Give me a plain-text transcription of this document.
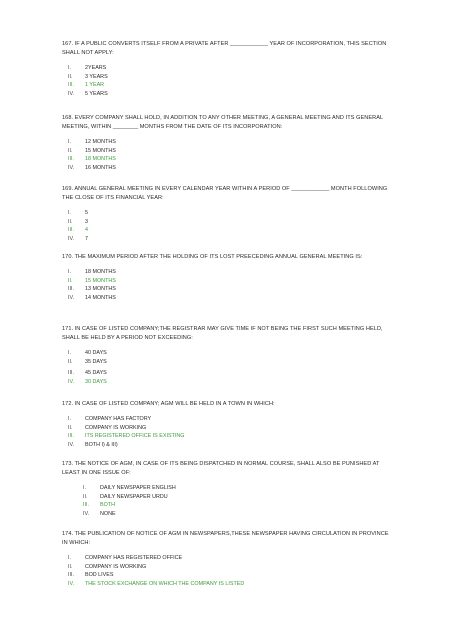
167. IF A PUBLIC CONVERTS ITSELF FROM A PRIVATE AFTER ____________ YEAR OF INCORPORATION, THIS SECTION SHALL NOT APPLY:

I.	2YEARS
II.	3 YEARS
III.	1 YEAR
IV.	5 YEARS

168. EVERY COMPANY SHALL HOLD, IN ADDITION TO ANY OTHER MEETING, A GENERAL MEETING AND ITS GENERAL MEETING, WITHIN ________ MONTHS FROM THE DATE OF ITS INCORPORATION:

I.	12 MONTHS
II.	15 MONTHS
III.	18 MONTHS
IV.	16 MONTHS

169. ANNUAL GENERAL MEETING IN EVERY CALENDAR YEAR WITHIN A PERIOD OF ____________ MONTH FOLLOWING THE CLOSE OF ITS FINANCIAL YEAR:

I.	5
II.	3
III.	4
IV.	7

170. THE MAXIMUM PERIOD AFTER THE HOLDING OF ITS LOST PREECEDING ANNUAL GENERAL MEETING IS:

I.	18 MONTHS
II.	15 MONTHS
III.	13 MONTHS
IV.	14 MONTHS

171. IN CASE OF LISTED COMPANY;THE REGISTRAR MAY GIVE TIME IF NOT BEING THE FIRST SUCH MEETING HELD, SHALL BE HELD BY A PERIOD NOT EXCEEDING:

I.	40 DAYS
II.	35 DAYS
III.	45 DAYS
IV.	30 DAYS

172. IN CASE OF LISTED COMPANY; AGM WILL BE HELD IN A TOWN IN WHICH:

I.	COMPANY HAS FACTORY
II.	COMPANY IS WORKING
III.	ITS REGISTERED OFFICE IS EXISTING
IV.	BOTH I) & III)

173. THE NOTICE OF AGM, IN CASE OF ITS BEING DISPATCHED IN NORMAL COURSE, SHALL ALSO BE PUNISHED AT LEAST IN ONE ISSUE OF:

I.	DAILY NEWSPAPER ENGLISH
II.	DAILY NEWSPAPER URDU
III.	BOTH
IV.	NONE

174. THE PUBLICATION OF NOTICE OF AGM IN NEWSPAPERS,THESE NEWSPAPER HAVING CIRCULATION IN PROVINCE IN WHICH:

I.	COMPANY HAS REGISTERED OFFICE
II.	COMPANY IS WORKING
III.	BOD LIVES
IV.	THE STOCK EXCHANGE ON WHICH THE COMPANY IS LISTED
